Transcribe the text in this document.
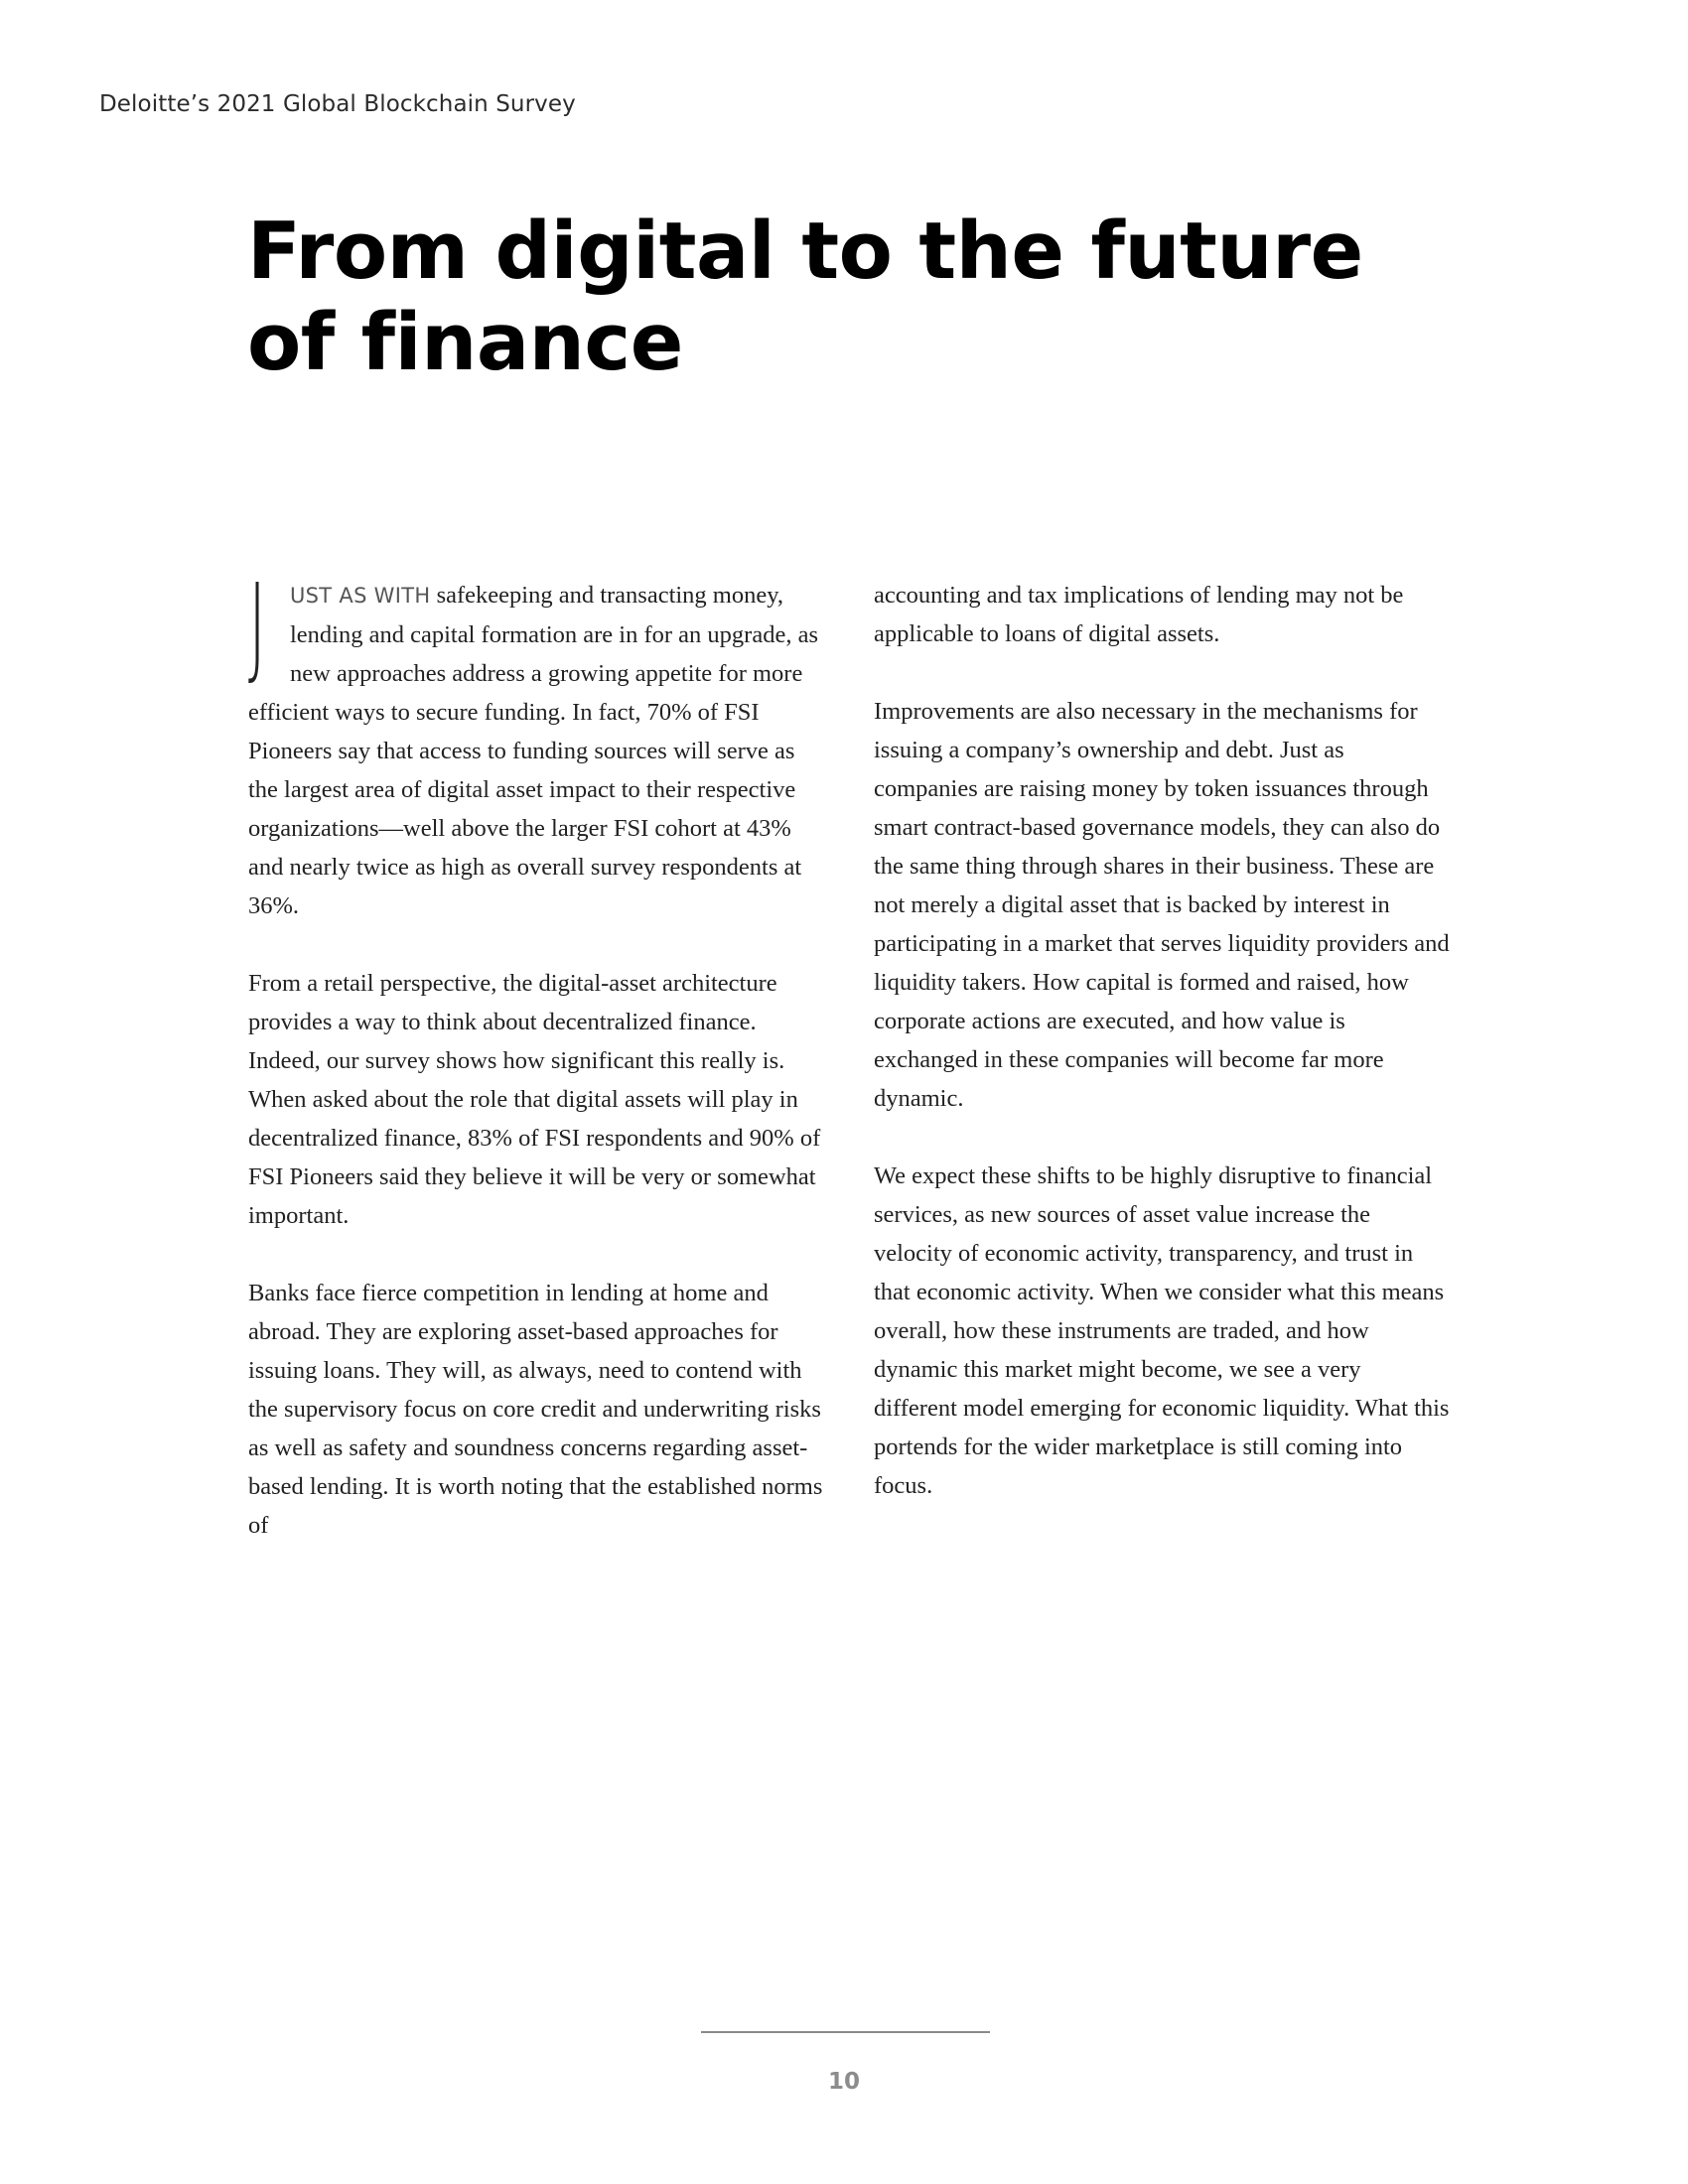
Deloitte’s 2021 Global Blockchain Survey
From digital to the future
of finance

J UST AS WITH safekeeping and transacting money, lending and capital formation are in for an upgrade, as new approaches address a growing appetite for more efficient ways to secure funding. In fact, 70% of FSI Pioneers say that access to funding sources will serve as the largest area of digital asset impact to their respective organizations—well above the larger FSI cohort at 43% and nearly twice as high as overall survey respondents at 36%.

From a retail perspective, the digital-asset architecture provides a way to think about decentralized finance. Indeed, our survey shows how significant this really is. When asked about the role that digital assets will play in decentralized finance, 83% of FSI respondents and 90% of FSI Pioneers said they believe it will be very or somewhat important.

Banks face fierce competition in lending at home and abroad. They are exploring asset-based approaches for issuing loans. They will, as always, need to contend with the supervisory focus on core credit and underwriting risks as well as safety and soundness concerns regarding asset-based lending. It is worth noting that the established norms of

accounting and tax implications of lending may not be applicable to loans of digital assets.

Improvements are also necessary in the mechanisms for issuing a company’s ownership and debt. Just as companies are raising money by token issuances through smart contract-based governance models, they can also do the same thing through shares in their business. These are not merely a digital asset that is backed by interest in participating in a market that serves liquidity providers and liquidity takers. How capital is formed and raised, how corporate actions are executed, and how value is exchanged in these companies will become far more dynamic.

We expect these shifts to be highly disruptive to financial services, as new sources of asset value increase the velocity of economic activity, transparency, and trust in that economic activity. When we consider what this means overall, how these instruments are traded, and how dynamic this market might become, we see a very different model emerging for economic liquidity. What this portends for the wider marketplace is still coming into focus.

10
